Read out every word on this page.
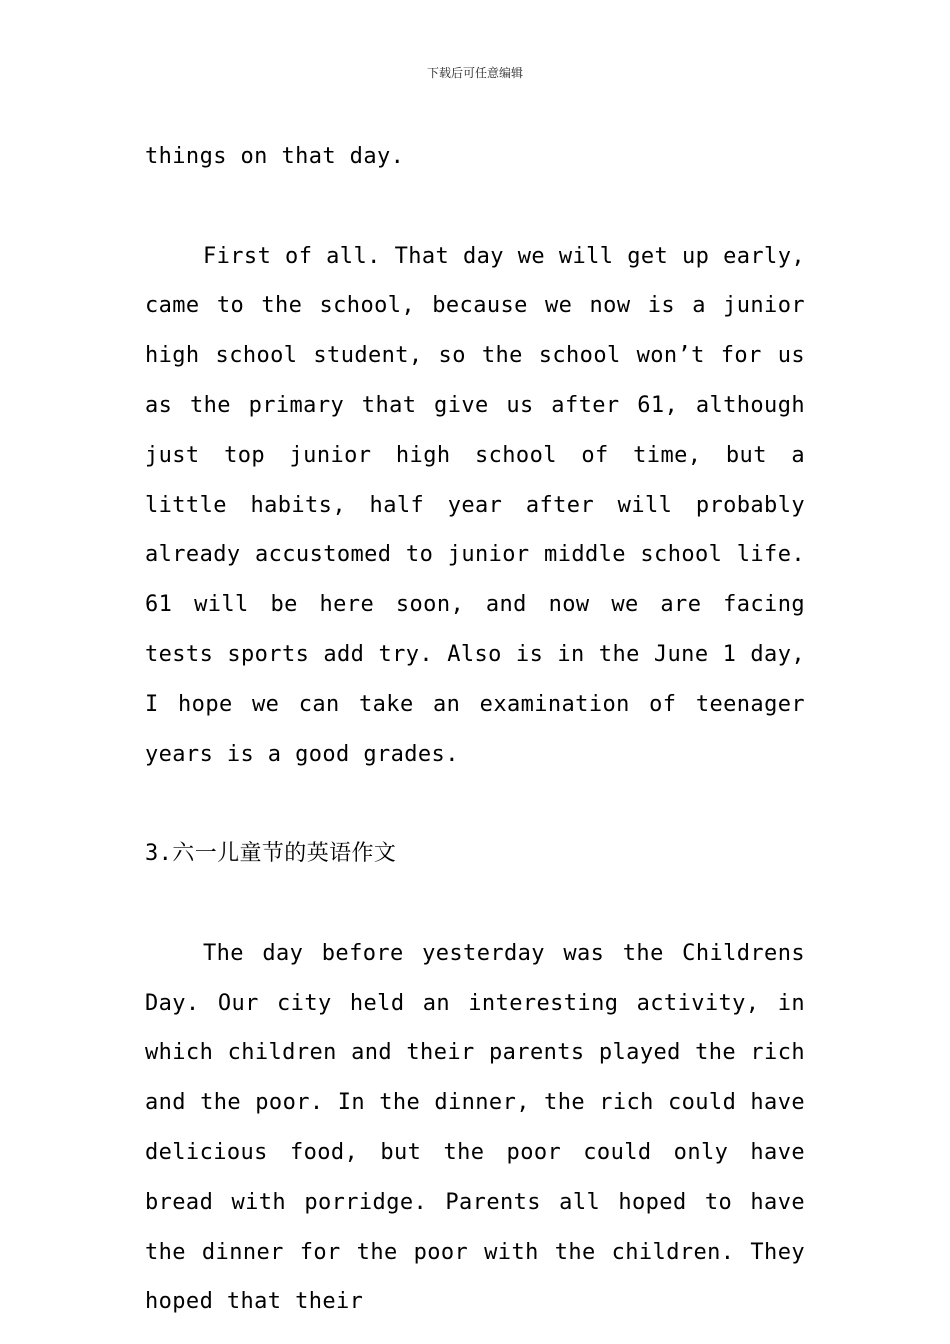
下载后可任意编辑

things on that day.

First of all. That day we will get up early, came to the school, because we now is a junior high school student, so the school won’t for us as the primary that give us after 61, although just top junior high school of time, but a little habits, half year after will probably already accustomed to junior middle school life. 61 will be here soon, and now we are facing tests sports add try. Also is in the June 1 day, I hope we can take an examination of teenager years is a good grades.

3.六一儿童节的英语作文

The day before yesterday was the Childrens Day. Our city held an interesting activity, in which children and their parents played the rich and the poor. In the dinner, the rich could have delicious food, but the poor could only have bread with porridge. Parents all hoped to have the dinner for the poor with the children. They hoped that their
